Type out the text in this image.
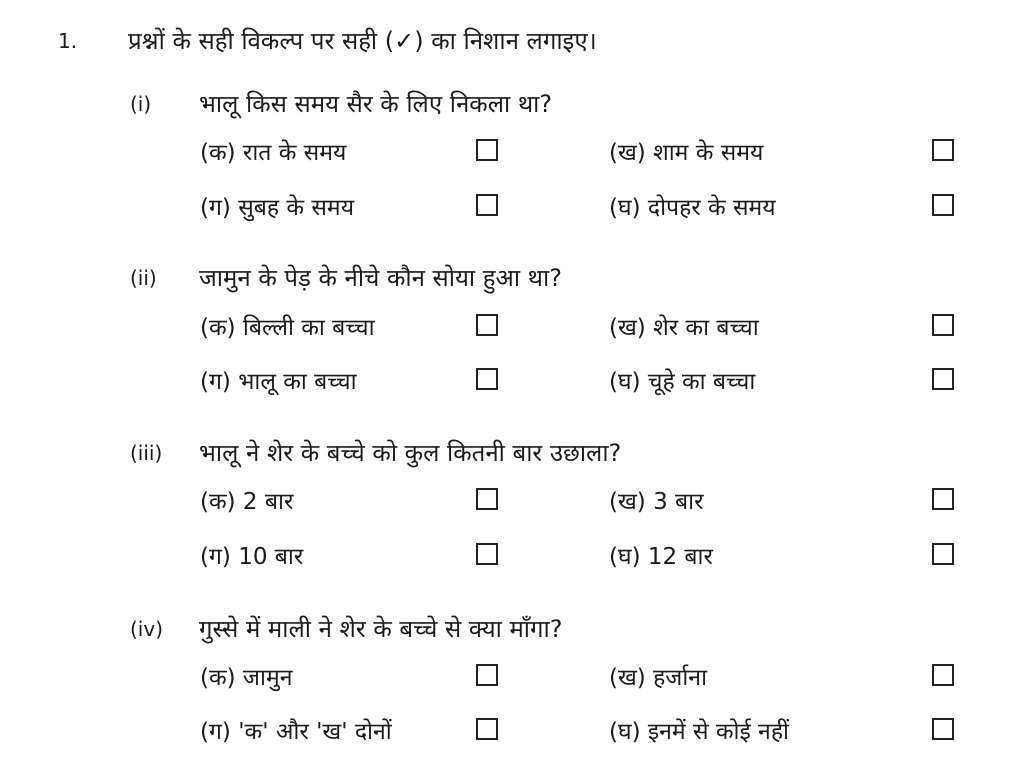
1. प्रश्नों के सही विकल्प पर सही (✓) का निशान लगाइए।
(i) भालू किस समय सैर के लिए निकला था?
(क) रात के समय	(ख) शाम के समय
(ग) सुबह के समय	(घ) दोपहर के समय
(ii) जामुन के पेड़ के नीचे कौन सोया हुआ था?
(क) बिल्ली का बच्चा	(ख) शेर का बच्चा
(ग) भालू का बच्चा	(घ) चूहे का बच्चा
(iii) भालू ने शेर के बच्चे को कुल कितनी बार उछाला?
(क) 2 बार	(ख) 3 बार
(ग) 10 बार	(घ) 12 बार
(iv) गुस्से में माली ने शेर के बच्चे से क्या माँगा?
(क) जामुन	(ख) हर्जाना
(ग) 'क' और 'ख' दोनों	(घ) इनमें से कोई नहीं
